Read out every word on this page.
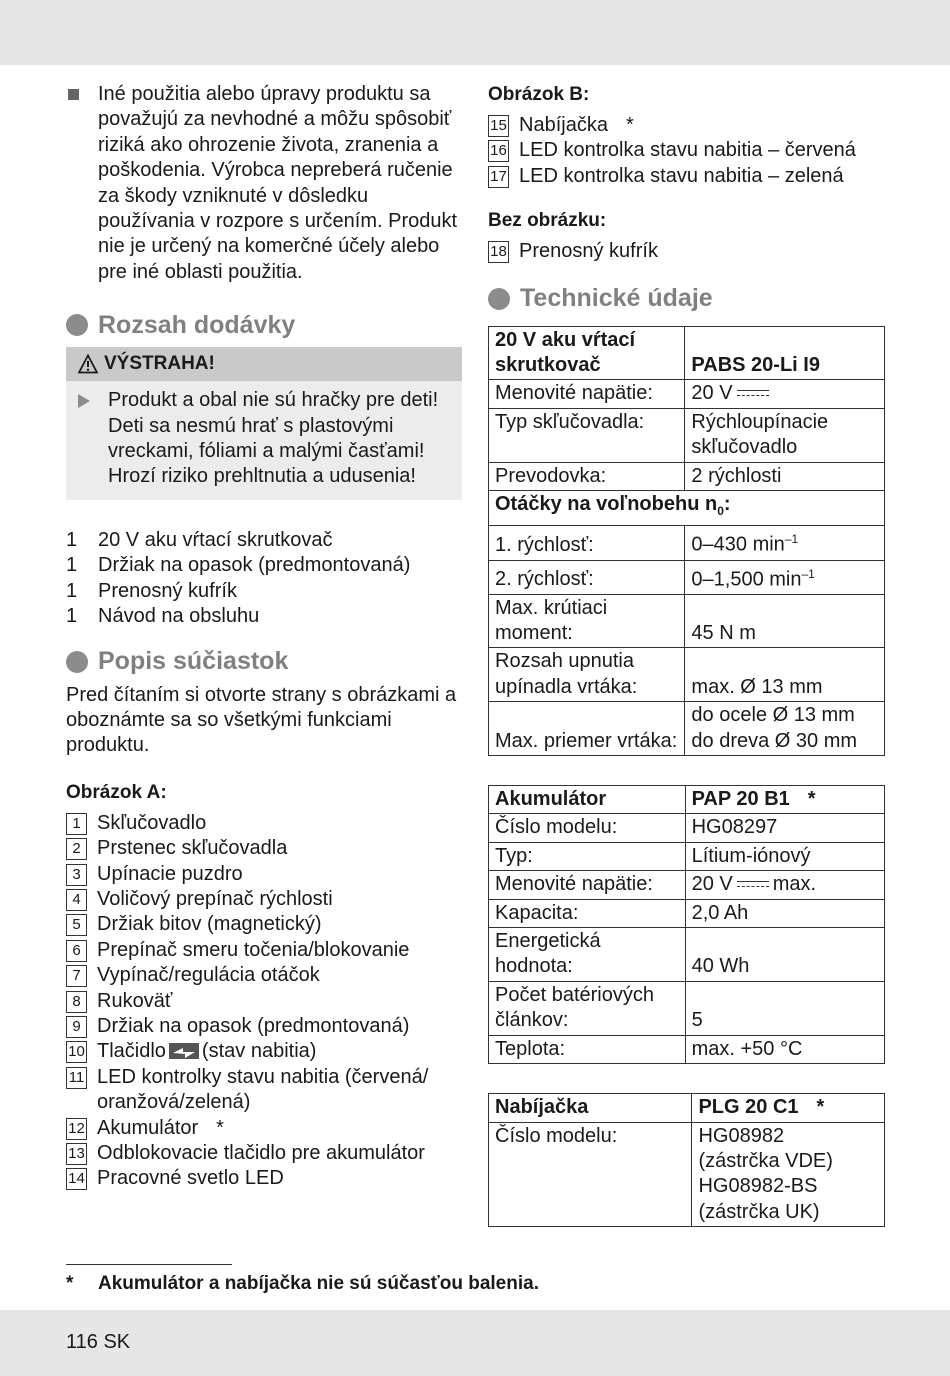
Iné použitia alebo úpravy produktu sa považujú za nevhodné a môžu spôsobiť riziká ako ohrozenie života, zranenia a poškodenia. Výrobca nepreberá ručenie za škody vzniknuté v dôsledku používania v rozpore s určením. Produkt nie je určený na komerčné účely alebo pre iné oblasti použitia.
Rozsah dodávky
VÝSTRAHA!
Produkt a obal nie sú hračky pre deti! Deti sa nesmú hrať s plastovými vreckami, fóliami a malými časťami! Hrozí riziko prehltnutia a udusenia!
1	20 V aku vŕtací skrutkovač
1	Držiak na opasok (predmontovaná)
1	Prenosný kufrík
1	Návod na obsluhu
Popis súčiastok
Pred čítaním si otvorte strany s obrázkami a oboznámte sa so všetkými funkciami produktu.
Obrázok A:
1 Skľučovadlo
2 Prstenec skľučovadla
3 Upínacie puzdro
4 Voličový prepínač rýchlosti
5 Držiak bitov (magnetický)
6 Prepínač smeru točenia/blokovanie
7 Vypínač/regulácia otáčok
8 Rukoväť
9 Držiak na opasok (predmontovaná)
10 Tlačidlo (stav nabitia)
11 LED kontrolky stavu nabitia (červená/ oranžová/zelená)
12 Akumulátor *
13 Odblokovacie tlačidlo pre akumulátor
14 Pracovné svetlo LED
Obrázok B:
15 Nabíjačka *
16 LED kontrolka stavu nabitia – červená
17 LED kontrolka stavu nabitia – zelená
Bez obrázku:
18 Prenosný kufrík
Technické údaje
20 V aku vŕtací skrutkovač	PABS 20-Li I9
Menovité napätie:	20 V
Typ skľučovadla:	Rýchloupínacie skľučovadlo
Prevodovka:	2 rýchlosti
Otáčky na voľnobehu $n_0$:	
1. rýchlosť:	0–430 $\min^{-1}$
2. rýchlosť:	0–1,500 $\min^{-1}$
Max. krútiaci moment:	45 N m
Rozsah upnutia upínadla vrtáka:	max. Ø 13 mm
Max. priemer vrtáka:	do ocele Ø 13 mm
do dreva Ø 30 mm
Akumulátor	PAP 20 B1 *
Číslo modelu:	HG08297
Typ:	Lítium-iónový
Menovité napätie:	20 V max.
Kapacita:	2,0 Ah
Energetická hodnota:	40 Wh
Počet batériových článkov:	5
Teplota:	max. +50 °C
Nabíjačka	PLG 20 C1 *
Číslo modelu:	HG08982
(zástrčka VDE)
HG08982-BS
(zástrčka UK)
*	Akumulátor a nabíjačka nie sú súčasťou balenia.
116 SK
